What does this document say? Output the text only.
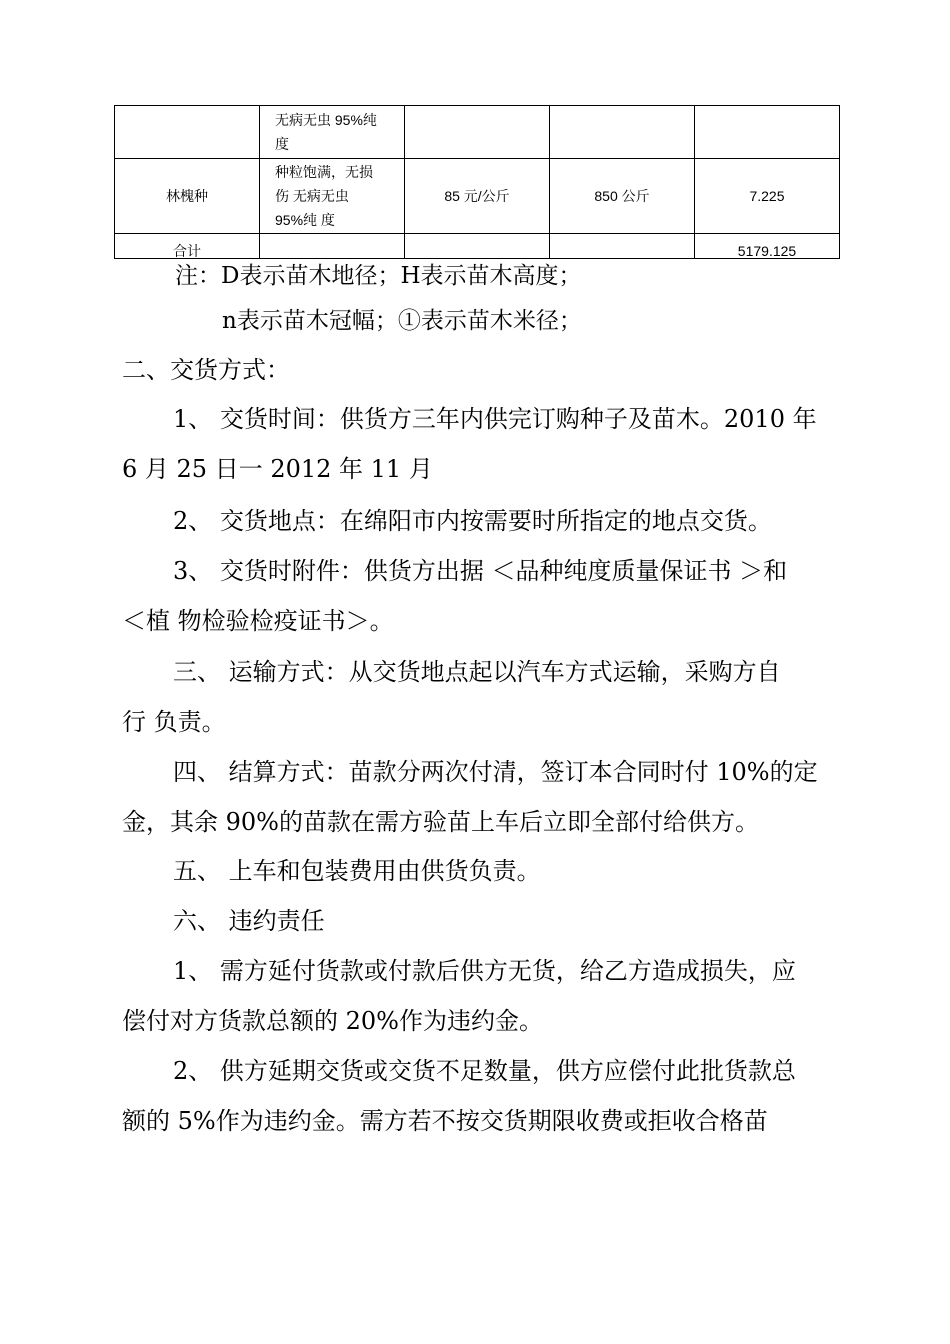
	无病无虫 95%纯
度			

林槐种	种粒饱满，无损
伤 无病无虫
95%纯 度	85 元/公斤	850 公斤	7.225
合计				5179.125
注：D表示苗木地径；H表示苗木高度；
n表示苗木冠幅；①表示苗木米径；
二、交货方式：
1、 交货时间：供货方三年内供完订购种子及苗木。2010 年
6 月 25 日一 2012 年 11 月
2、 交货地点：在绵阳市内按需要时所指定的地点交货。
3、 交货时附件：供货方出据 ＜品种纯度质量保证书 ＞和
＜植 物检验检疫证书＞。
三、 运输方式：从交货地点起以汽车方式运输，采购方自
行 负责。
四、 结算方式：苗款分两次付清，签订本合同时付 10%的定
金，其余 90%的苗款在需方验苗上车后立即全部付给供方。
五、 上车和包装费用由供货负责。
六、 违约责任
1、 需方延付货款或付款后供方无货，给乙方造成损失，应
偿付对方货款总额的 20%作为违约金。
2、 供方延期交货或交货不足数量，供方应偿付此批货款总
额的 5%作为违约金。需方若不按交货期限收费或拒收合格苗
